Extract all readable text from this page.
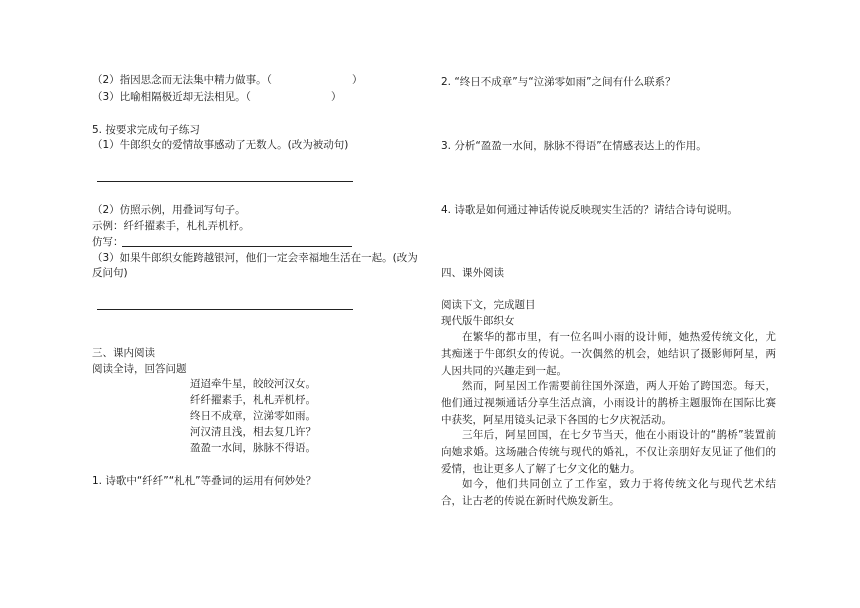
（2）指因思念而无法集中精力做事。（	）
（3）比喻相隔极近却无法相见。（	）
5. 按要求完成句子练习
（1）牛郎织女的爱情故事感动了无数人。(改为被动句)
（2）仿照示例，用叠词写句子。
示例：纤纤擢素手，札札弄机杼。
仿写：
（3）如果牛郎织女能跨越银河，他们一定会幸福地生活在一起。(改为
反问句)
三、课内阅读
阅读全诗，回答问题
迢迢牵牛星，皎皎河汉女。
纤纤擢素手，札札弄机杼。
终日不成章，泣涕零如雨。
河汉清且浅，相去复几许？
盈盈一水间，脉脉不得语。
1. 诗歌中“纤纤”“札札”等叠词的运用有何妙处？
2. “终日不成章”与“泣涕零如雨”之间有什么联系？
3. 分析“盈盈一水间，脉脉不得语”在情感表达上的作用。
4. 诗歌是如何通过神话传说反映现实生活的？请结合诗句说明。
四、课外阅读
阅读下文，完成题目
现代版牛郎织女
在繁华的都市里，有一位名叫小雨的设计师，她热爱传统文化，尤其痴迷于牛郎织女的传说。一次偶然的机会，她结识了摄影师阿星，两人因共同的兴趣走到一起。
然而，阿星因工作需要前往国外深造，两人开始了跨国恋。每天，他们通过视频通话分享生活点滴，小雨设计的鹊桥主题服饰在国际比赛中获奖，阿星用镜头记录下各国的七夕庆祝活动。
三年后，阿星回国，在七夕节当天，他在小雨设计的“鹊桥”装置前向她求婚。这场融合传统与现代的婚礼，不仅让亲朋好友见证了他们的爱情，也让更多人了解了七夕文化的魅力。
如今，他们共同创立了工作室，致力于将传统文化与现代艺术结合，让古老的传说在新时代焕发新生。
